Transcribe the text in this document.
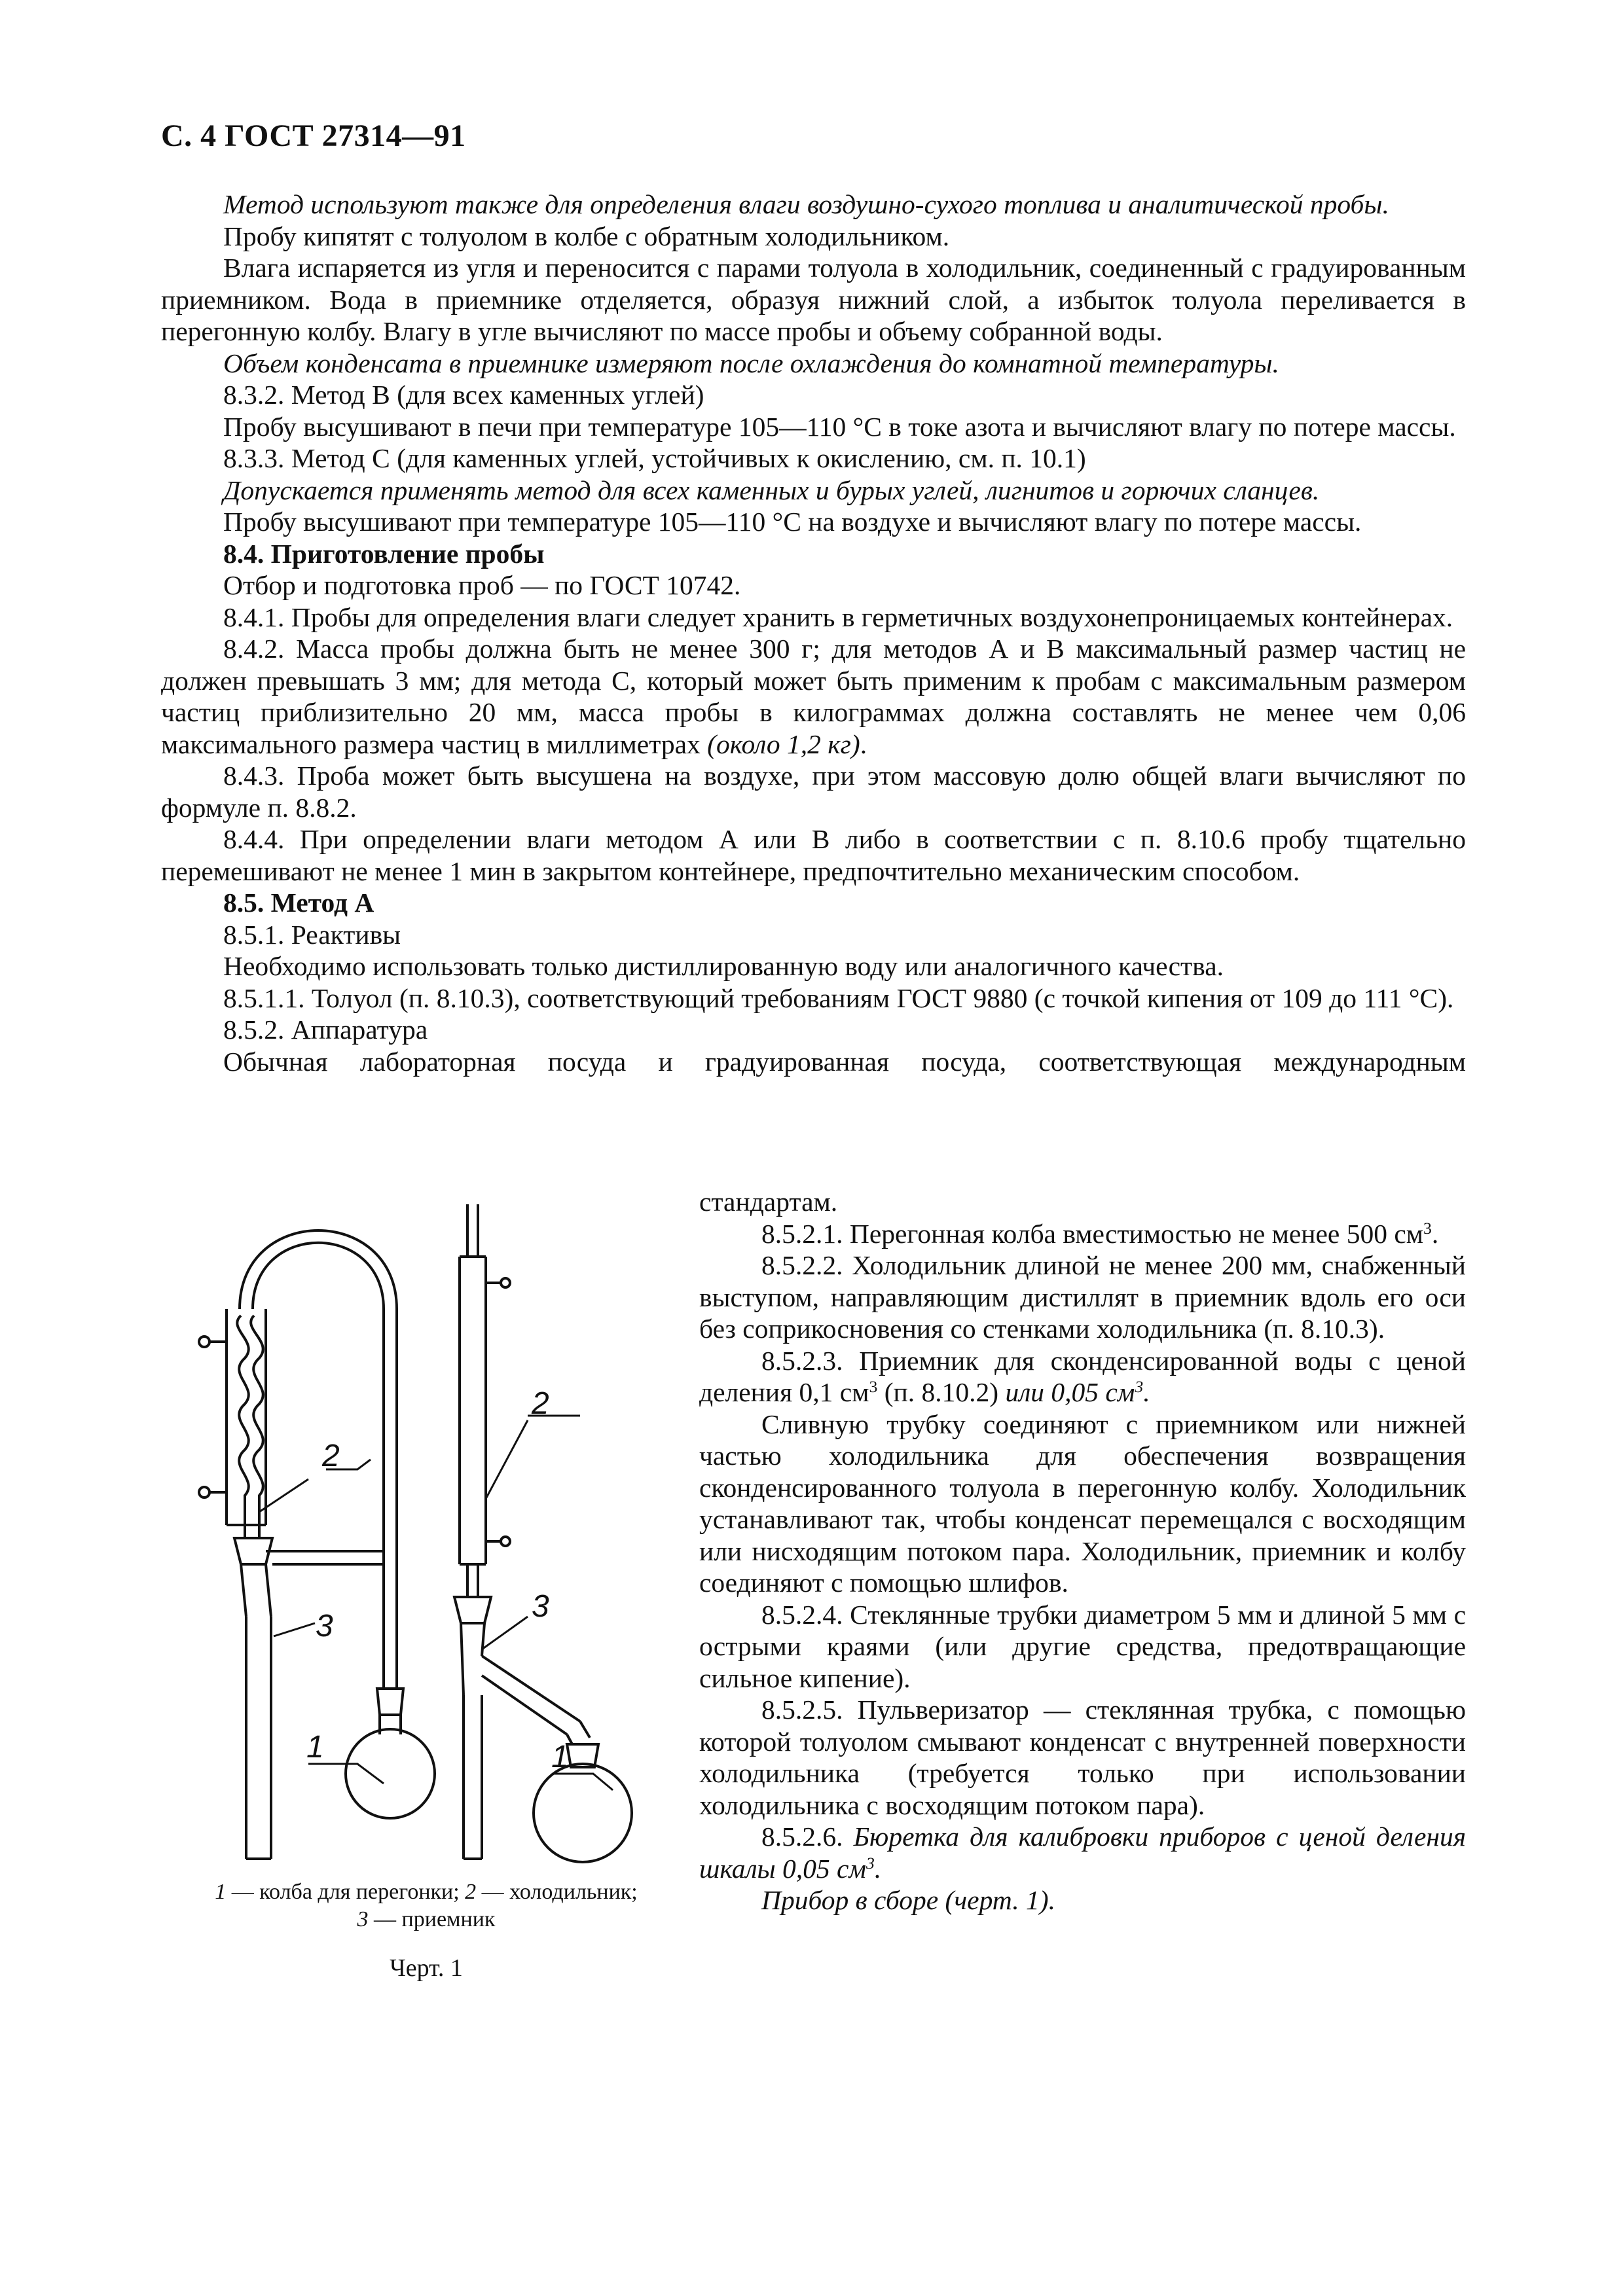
С. 4 ГОСТ 27314—91

Метод используют также для определения влаги воздушно-сухого топлива и аналитической пробы.

Пробу кипятят с толуолом в колбе с обратным холодильником.

Влага испаряется из угля и переносится с парами толуола в холодильник, соединенный с градуированным приемником. Вода в приемнике отделяется, образуя нижний слой, а избыток толуола переливается в перегонную колбу. Влагу в угле вычисляют по массе пробы и объему собранной воды.

Объем конденсата в приемнике измеряют после охлаждения до комнатной температуры.

8.3.2. Метод В (для всех каменных углей)

Пробу высушивают в печи при температуре 105—110 °С в токе азота и вычисляют влагу по потере массы.

8.3.3. Метод С (для каменных углей, устойчивых к окислению, см. п. 10.1)

Допускается применять метод для всех каменных и бурых углей, лигнитов и горючих сланцев.

Пробу высушивают при температуре 105—110 °С на воздухе и вычисляют влагу по потере массы.

8.4. Приготовление пробы

Отбор и подготовка проб — по ГОСТ 10742.

8.4.1. Пробы для определения влаги следует хранить в герметичных воздухонепроницаемых контейнерах.

8.4.2. Масса пробы должна быть не менее 300 г; для методов А и В максимальный размер частиц не должен превышать 3 мм; для метода С, который может быть применим к пробам с максимальным размером частиц приблизительно 20 мм, масса пробы в килограммах должна составлять не менее чем 0,06 максимального размера частиц в миллиметрах (около 1,2 кг).

8.4.3. Проба может быть высушена на воздухе, при этом массовую долю общей влаги вычисляют по формуле п. 8.8.2.

8.4.4. При определении влаги методом А или В либо в соответствии с п. 8.10.6 пробу тщательно перемешивают не менее 1 мин в закрытом контейнере, предпочтительно механическим способом.

8.5. Метод А

8.5.1. Реактивы

Необходимо использовать только дистиллированную воду или аналогичного качества.

8.5.1.1. Толуол (п. 8.10.3), соответствующий требованиям ГОСТ 9880 (с точкой кипения от 109 до 111 °С).

8.5.2. Аппаратура

Обычная лабораторная посуда и градуированная посуда, соответствующая международным

стандартам.

8.5.2.1. Перегонная колба вместимостью не менее 500 $см^3$.

8.5.2.2. Холодильник длиной не менее 200 мм, снабженный выступом, направляющим дистиллят в приемник вдоль его оси без соприкосновения со стенками холодильника (п. 8.10.3).

8.5.2.3. Приемник для сконденсированной воды с ценой деления 0,1 $см^3$ (п. 8.10.2) или 0,05 $см^3$.

Сливную трубку соединяют с приемником или нижней частью холодильника для обеспечения возвращения сконденсированного толуола в перегонную колбу. Холодильник устанавливают так, чтобы конденсат перемещался с восходящим или нисходящим потоком пара. Холодильник, приемник и колбу соединяют с помощью шлифов.

8.5.2.4. Стеклянные трубки диаметром 5 мм и длиной 5 мм с острыми краями (или другие средства, предотвращающие сильное кипение).

8.5.2.5. Пульверизатор — стеклянная трубка, с помощью которой толуолом смывают конденсат с внутренней поверхности холодильника (требуется только при использовании холодильника с восходящим потоком пара).

8.5.2.6. Бюретка для калибровки приборов с ценой деления шкалы 0,05 $см^3$.

Прибор в сборе (черт. 1).

2
3
1
2
3
1
1 — колба для перегонки; 2 — холодильник;
3 — приемник
Черт. 1
